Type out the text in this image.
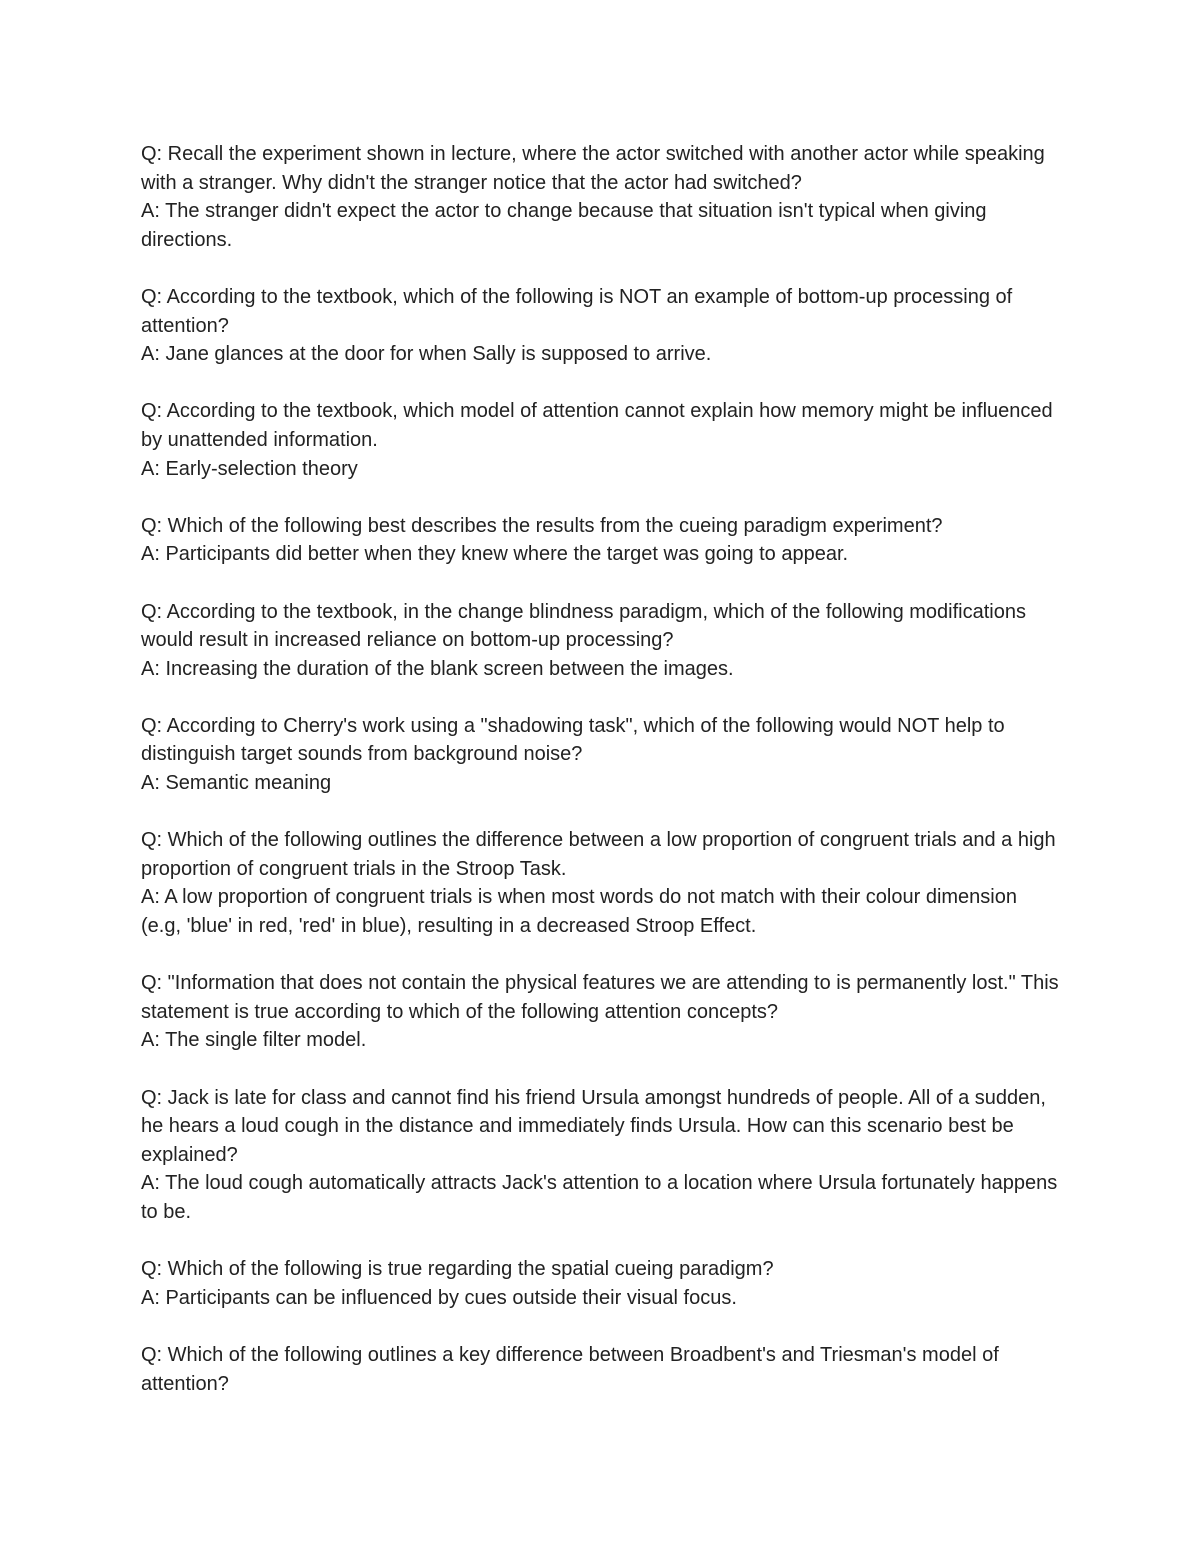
Q: Recall the experiment shown in lecture, where the actor switched with another actor while speaking with a stranger. Why didn't the stranger notice that the actor had switched?

A: The stranger didn't expect the actor to change because that situation isn't typical when giving directions.

Q: According to the textbook, which of the following is NOT an example of bottom-up processing of attention?

A: Jane glances at the door for when Sally is supposed to arrive.

Q: According to the textbook, which model of attention cannot explain how memory might be influenced by unattended information.

A: Early-selection theory

Q: Which of the following best describes the results from the cueing paradigm experiment?

A: Participants did better when they knew where the target was going to appear.

Q: According to the textbook, in the change blindness paradigm, which of the following modifications would result in increased reliance on bottom-up processing?

A: Increasing the duration of the blank screen between the images.

Q: According to Cherry's work using a "shadowing task", which of the following would NOT help to distinguish target sounds from background noise?

A: Semantic meaning

Q: Which of the following outlines the difference between a low proportion of congruent trials and a high proportion of congruent trials in the Stroop Task.

A: A low proportion of congruent trials is when most words do not match with their colour dimension (e.g, 'blue' in red, 'red' in blue), resulting in a decreased Stroop Effect.

Q: "Information that does not contain the physical features we are attending to is permanently lost." This statement is true according to which of the following attention concepts?

A: The single filter model.

Q: Jack is late for class and cannot find his friend Ursula amongst hundreds of people. All of a sudden, he hears a loud cough in the distance and immediately finds Ursula. How can this scenario best be explained?

A: The loud cough automatically attracts Jack's attention to a location where Ursula fortunately happens to be.

Q: Which of the following is true regarding the spatial cueing paradigm?

A: Participants can be influenced by cues outside their visual focus.

Q: Which of the following outlines a key difference between Broadbent's and Triesman's model of attention?
